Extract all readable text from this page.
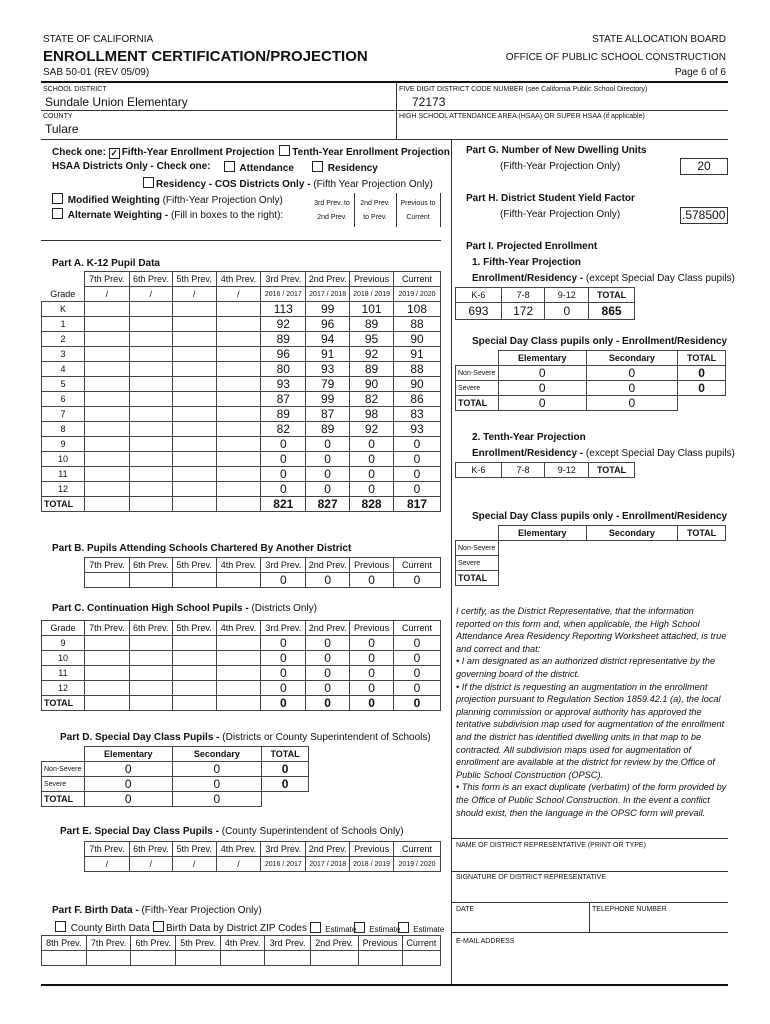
STATE OF CALIFORNIA
ENROLLMENT CERTIFICATION/PROJECTION
SAB 50-01 (REV 05/09)
STATE ALLOCATION BOARD
OFFICE OF PUBLIC SCHOOL CONSTRUCTION
Page 6 of 6
SCHOOL DISTRICT
Sundale Union Elementary
FIVE DIGIT DISTRICT CODE NUMBER (see California Public School Directory)
72173
COUNTY
Tulare
HIGH SCHOOL ATTENDANCE AREA (HSAA) OR SUPER HSAA (if applicable)
Check one: ✓ Fifth-Year Enrollment Projection Tenth-Year Enrollment Projection
HSAA Districts Only - Check one:	Attendance	Residency
Residency - COS Districts Only - (Fifth Year Projection Only)
Modified Weighting (Fifth-Year Projection Only)
Alternate Weighting - (Fill in boxes to the right):
3rd Prev. to
2nd Prev.
2nd Prev.
to Prev.
Previous to
Current
Part A. K-12 Pupil Data
	7th Prev.	6th Prev.	5th Prev.	4th Prev.	3rd Prev.	2nd Prev.	Previous	Current
Grade	/	/	/	/	2016 / 2017	2017 / 2018	2018 / 2019	2019 / 2020
K					113	99	101	108
1					92	96	89	88
2					89	94	95	90
3					96	91	92	91
4					80	93	89	88
5					93	79	90	90
6					87	99	82	86
7					89	87	98	83
8					82	89	92	93
9					0	0	0	0
10					0	0	0	0
11					0	0	0	0
12					0	0	0	0
TOTAL					821	827	828	817
Part B. Pupils Attending Schools Chartered By Another District
7th Prev.	6th Prev.	5th Prev.	4th Prev.	3rd Prev.	2nd Prev.	Previous	Current
				0	0	0	0
Part C. Continuation High School Pupils - (Districts Only)
Grade	7th Prev.	6th Prev.	5th Prev.	4th Prev.	3rd Prev.	2nd Prev.	Previous	Current
9					0	0	0	0
10					0	0	0	0
11					0	0	0	0
12					0	0	0	0
TOTAL					0	0	0	0
Part D. Special Day Class Pupils - (Districts or County Superintendent of Schools)
	Elementary	Secondary	TOTAL
Non-Severe	0	0	0
Severe	0	0	0
TOTAL	0	0	
Part E. Special Day Class Pupils - (County Superintendent of Schools Only)
7th Prev.	6th Prev.	5th Prev.	4th Prev.	3rd Prev.	2nd Prev.	Previous	Current
/	/	/	/	2016 / 2017	2017 / 2018	2018 / 2019	2019 / 2020
Part F. Birth Data - (Fifth-Year Projection Only)
County Birth Data	Birth Data by District ZIP Codes	Estimate	Estimate	Estimate
8th Prev.	7th Prev.	6th Prev.	5th Prev.	4th Prev.	3rd Prev.	2nd Prev.	Previous	Current

Part G. Number of New Dwelling Units
(Fifth-Year Projection Only)	20
Part H. District Student Yield Factor
(Fifth-Year Projection Only)	.578500
Part I. Projected Enrollment
1. Fifth-Year Projection
Enrollment/Residency - (except Special Day Class pupils)
K-6	7-8	9-12	TOTAL
693	172	0	865
Special Day Class pupils only - Enrollment/Residency
	Elementary	Secondary	TOTAL
Non-Severe	0	0	0
Severe	0	0	0
TOTAL	0	0	
2. Tenth-Year Projection
Enrollment/Residency - (except Special Day Class pupils)
K-6	7-8	9-12	TOTAL
Special Day Class pupils only - Enrollment/Residency
	Elementary	Secondary	TOTAL
Non-Severe			
Severe			
TOTAL			
I certify, as the District Representative, that the information reported on this form and, when applicable, the High School Attendance Area Residency Reporting Worksheet attached, is true and correct and that:
• I am designated as an authorized district representative by the governing board of the district.
• If the district is requesting an augmentation in the enrollment projection pursuant to Regulation Section 1859.42.1 (a), the local planning commission or approval authority has approved the tentative subdivision map used for augmentation of the enrollment and the district has identified dwelling units in that map to be contracted. All subdivision maps used for augmentation of enrollment are available at the district for review by the Office of Public School Construction (OPSC).
• This form is an exact duplicate (verbatim) of the form provided by the Office of Public School Construction. In the event a conflict should exist, then the language in the OPSC form will prevail.
NAME OF DISTRICT REPRESENTATIVE (PRINT OR TYPE)
SIGNATURE OF DISTRICT REPRESENTATIVE
DATE	TELEPHONE NUMBER
E-MAIL ADDRESS
